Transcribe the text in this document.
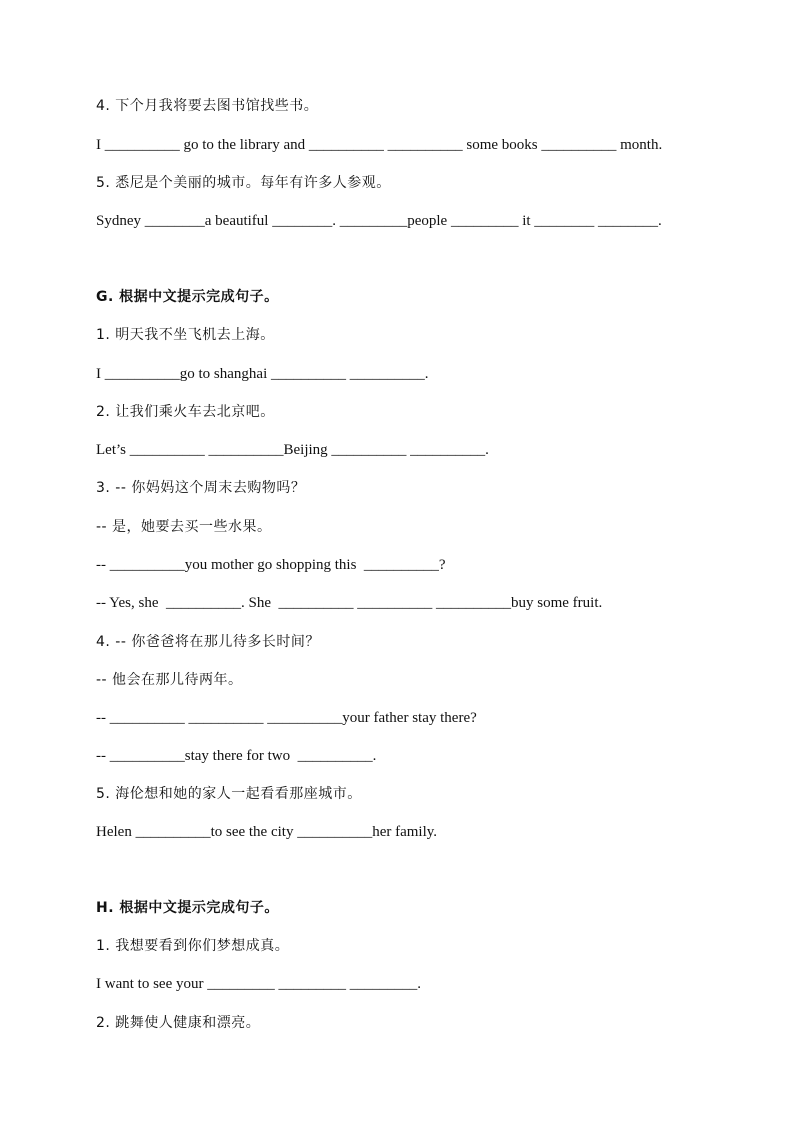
4. 下个月我将要去图书馆找些书。

I __________ go to the library and __________ __________ some books __________ month.

5. 悉尼是个美丽的城市。每年有许多人参观。

Sydney ________a beautiful ________. _________people _________ it ________ ________.

G. 根据中文提示完成句子。

1. 明天我不坐飞机去上海。

I __________go to shanghai __________ __________.

2. 让我们乘火车去北京吧。

Let’s __________ __________Beijing __________ __________.

3. -- 你妈妈这个周末去购物吗？

-- 是，她要去买一些水果。

-- __________you mother go shopping this  __________?

-- Yes, she  __________. She  __________ __________ __________buy some fruit.

4. -- 你爸爸将在那儿待多长时间？

-- 他会在那儿待两年。

-- __________ __________ __________your father stay there?

-- __________stay there for two  __________.

5. 海伦想和她的家人一起看看那座城市。

Helen __________to see the city __________her family.

H. 根据中文提示完成句子。

1. 我想要看到你们梦想成真。

I want to see your _________ _________ _________.

2. 跳舞使人健康和漂亮。
